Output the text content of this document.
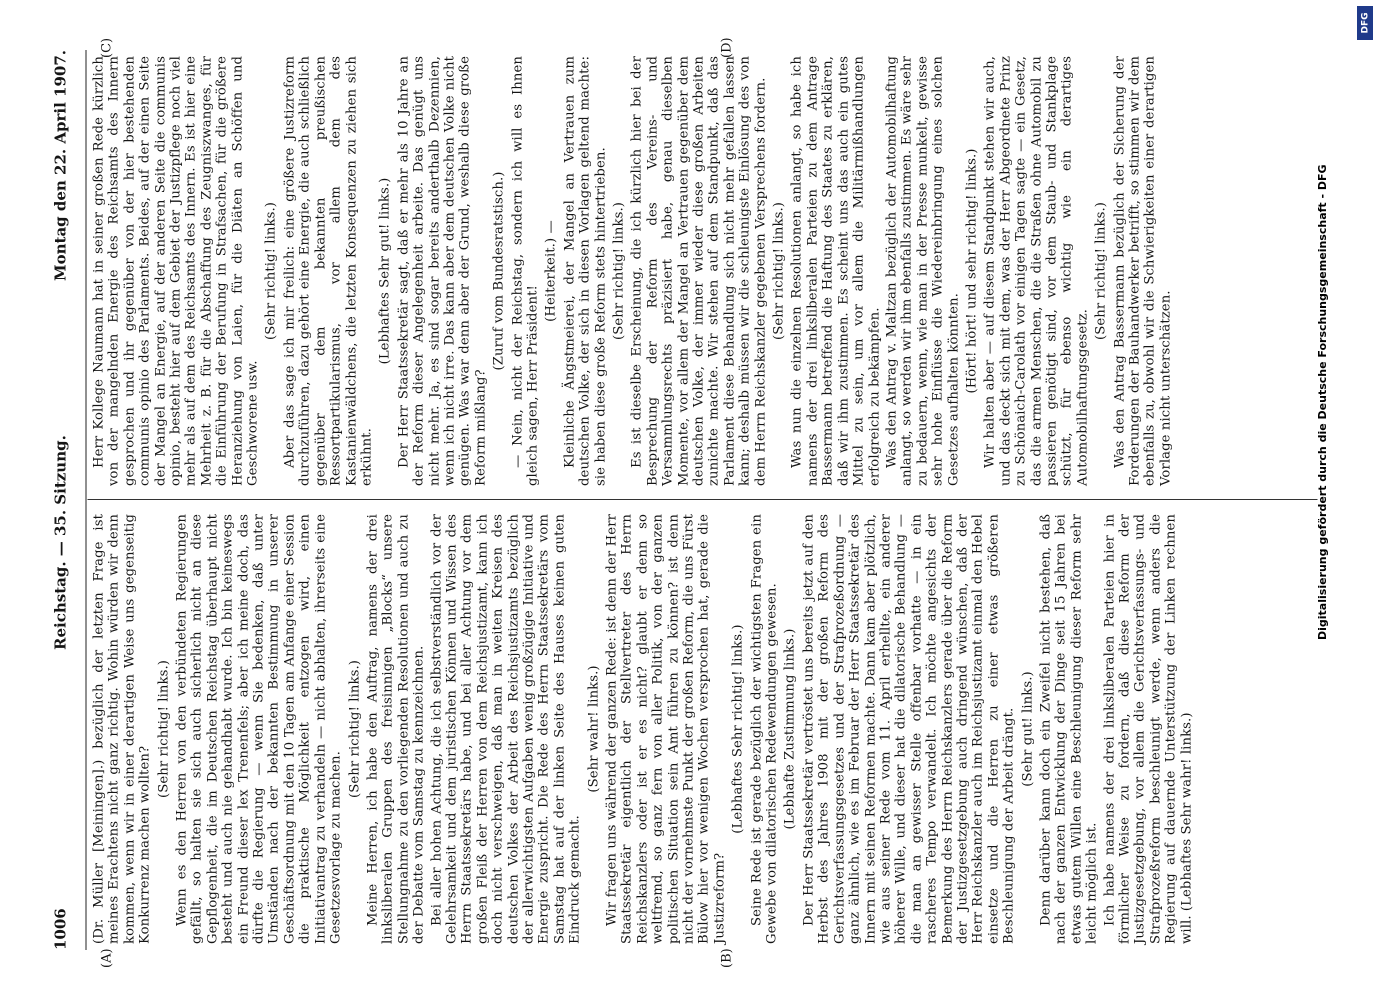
1006
Reichstag. — 35. Sitzung.
Montag den 22. April 1907.
(A)	(B)
(C)	(D)

(Dr. Müller [Meiningen].) bezüglich der letzten Frage ist meines Erachtens nicht ganz richtig. Wohin würden wir denn kommen, wenn wir in einer derartigen Weise uns gegenseitig Konkurrenz machen wollten?

(Sehr richtig! links.) Wenn es den Herren von den verbündeten Regierungen gefällt, so halten sie sich auch sicherlich nicht an diese Gepflogenheit, die im Deutschen Reichstag überhaupt nicht besteht und auch nie gehandhabt wurde. Ich bin keineswegs ein Freund dieser lex Trenenfels; aber ich meine doch, das dürfte die Regierung — wenn Sie bedenken, daß unter Umständen nach der bekannten Bestimmung in unserer Geschäftsordnung mit den 10 Tagen am Anfange einer Session die praktische Möglichkeit entzogen wird, einen Initiativantrag zu verhandeln — nicht abhalten, ihrerseits eine Gesetzesvorlage zu machen.

(Sehr richtig! links.) Meine Herren, ich habe den Auftrag, namens der drei linksliberalen Gruppen des freisinnigen „Blocks“ unsere Stellungnahme zu den vorliegenden Resolutionen und auch zu der Debatte vom Samstag zu kennzeichnen. Bei aller hohen Achtung, die ich selbstverständlich vor der Gelehrsamkeit und dem juristischen Können und Wissen des Herrn Staatssekretärs habe, und bei aller Achtung vor dem großen Fleiß der Herren von dem Reichsjustizamt, kann ich doch nicht verschweigen, daß man in weiten Kreisen des deutschen Volkes der Arbeit des Reichsjustizamts bezüglich der allerwichtigsten Aufgaben wenig großzügige Initiative und Energie zuspricht. Die Rede des Herrn Staatssekretärs vom Samstag hat auf der linken Seite des Hauses keinen guten Eindruck gemacht.

(Sehr wahr! links.) Wir fragen uns während der ganzen Rede: ist denn der Herr Staatssekretär eigentlich der Stellvertreter des Herrn Reichskanzlers oder ist er es nicht? glaubt er denn so weltfremd, so ganz fern von aller Politik, von der ganzen politischen Situation sein Amt führen zu können? ist denn nicht der vornehmste Punkt der großen Reform, die uns Fürst Bülow hier vor wenigen Wochen versprochen hat, gerade die Justizreform?

(Lebhaftes Sehr richtig! links.) Seine Rede ist gerade bezüglich der wichtigsten Fragen ein Gewebe von dilatorischen Redewendungen gewesen. (Lebhafte Zustimmung links.) Der Herr Staatssekretär vertröstet uns bereits jetzt auf den Herbst des Jahres 1908 mit der großen Reform des Gerichtsverfassungsgesetzes und der Strafprozeßordnung — ganz ähnlich, wie es im Februar der Herr Staatssekretär des Innern mit seinen Reformen machte. Dann kam aber plötzlich, wie aus seiner Rede vom 11. April erhellte, ein anderer höherer Wille, und dieser hat die dilatorische Behandlung — die man an gewisser Stelle offenbar vorhatte — in ein rascheres Tempo verwandelt. Ich möchte angesichts der Bemerkung des Herrn Reichskanzlers gerade über die Reform der Justizgesetzgebung auch dringend wünschen, daß der Herr Reichskanzler auch im Reichsjustizamt einmal den Hebel einsetze und die Herren zu einer etwas größeren Beschleunigung der Arbeit drängt. (Sehr gut! links.) Denn darüber kann doch ein Zweifel nicht bestehen, daß nach der ganzen Entwicklung der Dinge seit 15 Jahren bei etwas gutem Willen eine Beschleunigung dieser Reform sehr leicht möglich ist. Ich habe namens der drei linksliberalen Parteien hier in förmlicher Weise zu fordern, daß diese Reform der Justizgesetzgebung, vor allem die Gerichtsverfassungs- und Strafprozeßreform beschleunigt werde, wenn anders die Regierung auf dauernde Unterstützung der Linken rechnen will. (Lebhaftes Sehr wahr! links.)

Herr Kollege Naumann hat in seiner großen Rede kürzlich von der mangelnden Energie des Reichsamts des Innern gesprochen und ihr gegenüber von der hier bestehenden communis opinio des Parlaments. Beides, auf der einen Seite der Mangel an Energie, auf der anderen Seite die communis opinio, besteht hier auf dem Gebiet der Justizpflege noch viel mehr als auf dem des Reichsamts des Innern. Es ist hier eine Mehrheit z. B. für die Abschaffung des Zeugniszwanges, für die Einführung der Berufung in Strafsachen, für die größere Heranziehung von Laien, für die Diäten an Schöffen und Geschworene usw.

(Sehr richtig! links.) Aber das sage ich mir freilich: eine größere Justizreform durchzuführen, dazu gehört eine Energie, die auch schließlich gegenüber dem bekannten preußischen Ressortpartikularismus, vor allem dem des Kastanienwäldchens, die letzten Konsequenzen zu ziehen sich erkühnt.

(Lebhaftes Sehr gut! links.) Der Herr Staatssekretär sagt, daß er mehr als 10 Jahre an der Reform dieser Angelegenheit arbeite. Das genügt uns nicht mehr. Ja, es sind sogar bereits anderthalb Dezennien, wenn ich nicht irre. Das kann aber dem deutschen Volke nicht genügen. Was war denn aber der Grund, weshalb diese große Reform mißlang?

(Zuruf vom Bundesratstisch.) — Nein, nicht der Reichstag, sondern ich will es Ihnen gleich sagen, Herr Präsident!

(Heiterkeit.) — Kleinliche Ängstmeierei, der Mangel an Vertrauen zum deutschen Volke, der sich in diesen Vorlagen geltend machte: sie haben diese große Reform stets hintertrieben. (Sehr richtig! links.) Es ist dieselbe Erscheinung, die ich kürzlich hier bei der Besprechung der Reform des Vereins- und Versammlungsrechts präzisiert habe, genau dieselben Momente, vor allem der Mangel an Vertrauen gegenüber dem deutschen Volke, der immer wieder diese großen Arbeiten zunichte machte. Wir stehen auf dem Standpunkt, daß das Parlament diese Behandlung sich nicht mehr gefallen lassen kann; deshalb müssen wir die schleunigste Einlösung des von dem Herrn Reichskanzler gegebenen Versprechens fordern. (Sehr richtig! links.) Was nun die einzelnen Resolutionen anlangt, so habe ich namens der drei linksliberalen Parteien zu dem Antrage Bassermann betreffend die Haftung des Staates zu erklären, daß wir ihm zustimmen. Es scheint uns das auch ein gutes Mittel zu sein, um vor allem die Militärmißhandlungen erfolgreich zu bekämpfen. Was den Antrag v. Maltzan bezüglich der Automobilhaftung anlangt, so werden wir ihm ebenfalls zustimmen. Es wäre sehr zu bedauern, wenn, wie man in der Presse munkelt, gewisse sehr hohe Einflüsse die Wiedereinbringung eines solchen Gesetzes aufhalten könnten. (Hört! hört! und sehr richtig! links.) Wir halten aber — auf diesem Standpunkt stehen wir auch, und das deckt sich mit dem, was der Herr Abgeordnete Prinz zu Schönaich-Carolath vor einigen Tagen sagte — ein Gesetz, das die armen Menschen, die die Straßen ohne Automobil zu passieren genötigt sind, vor dem Staub- und Stankplage schützt, für ebenso wichtig wie ein derartiges Automobilhaftungsgesetz.

(Sehr richtig! links.) Was den Antrag Bassermann bezüglich der Sicherung der Forderungen der Bauhandwerker betrifft, so stimmen wir dem ebenfalls zu, obwohl wir die Schwierigkeiten einer derartigen Vorlage nicht unterschätzen.

DFG
Digitalisierung gefördert durch die Deutsche Forschungsgemeinschaft - DFG
